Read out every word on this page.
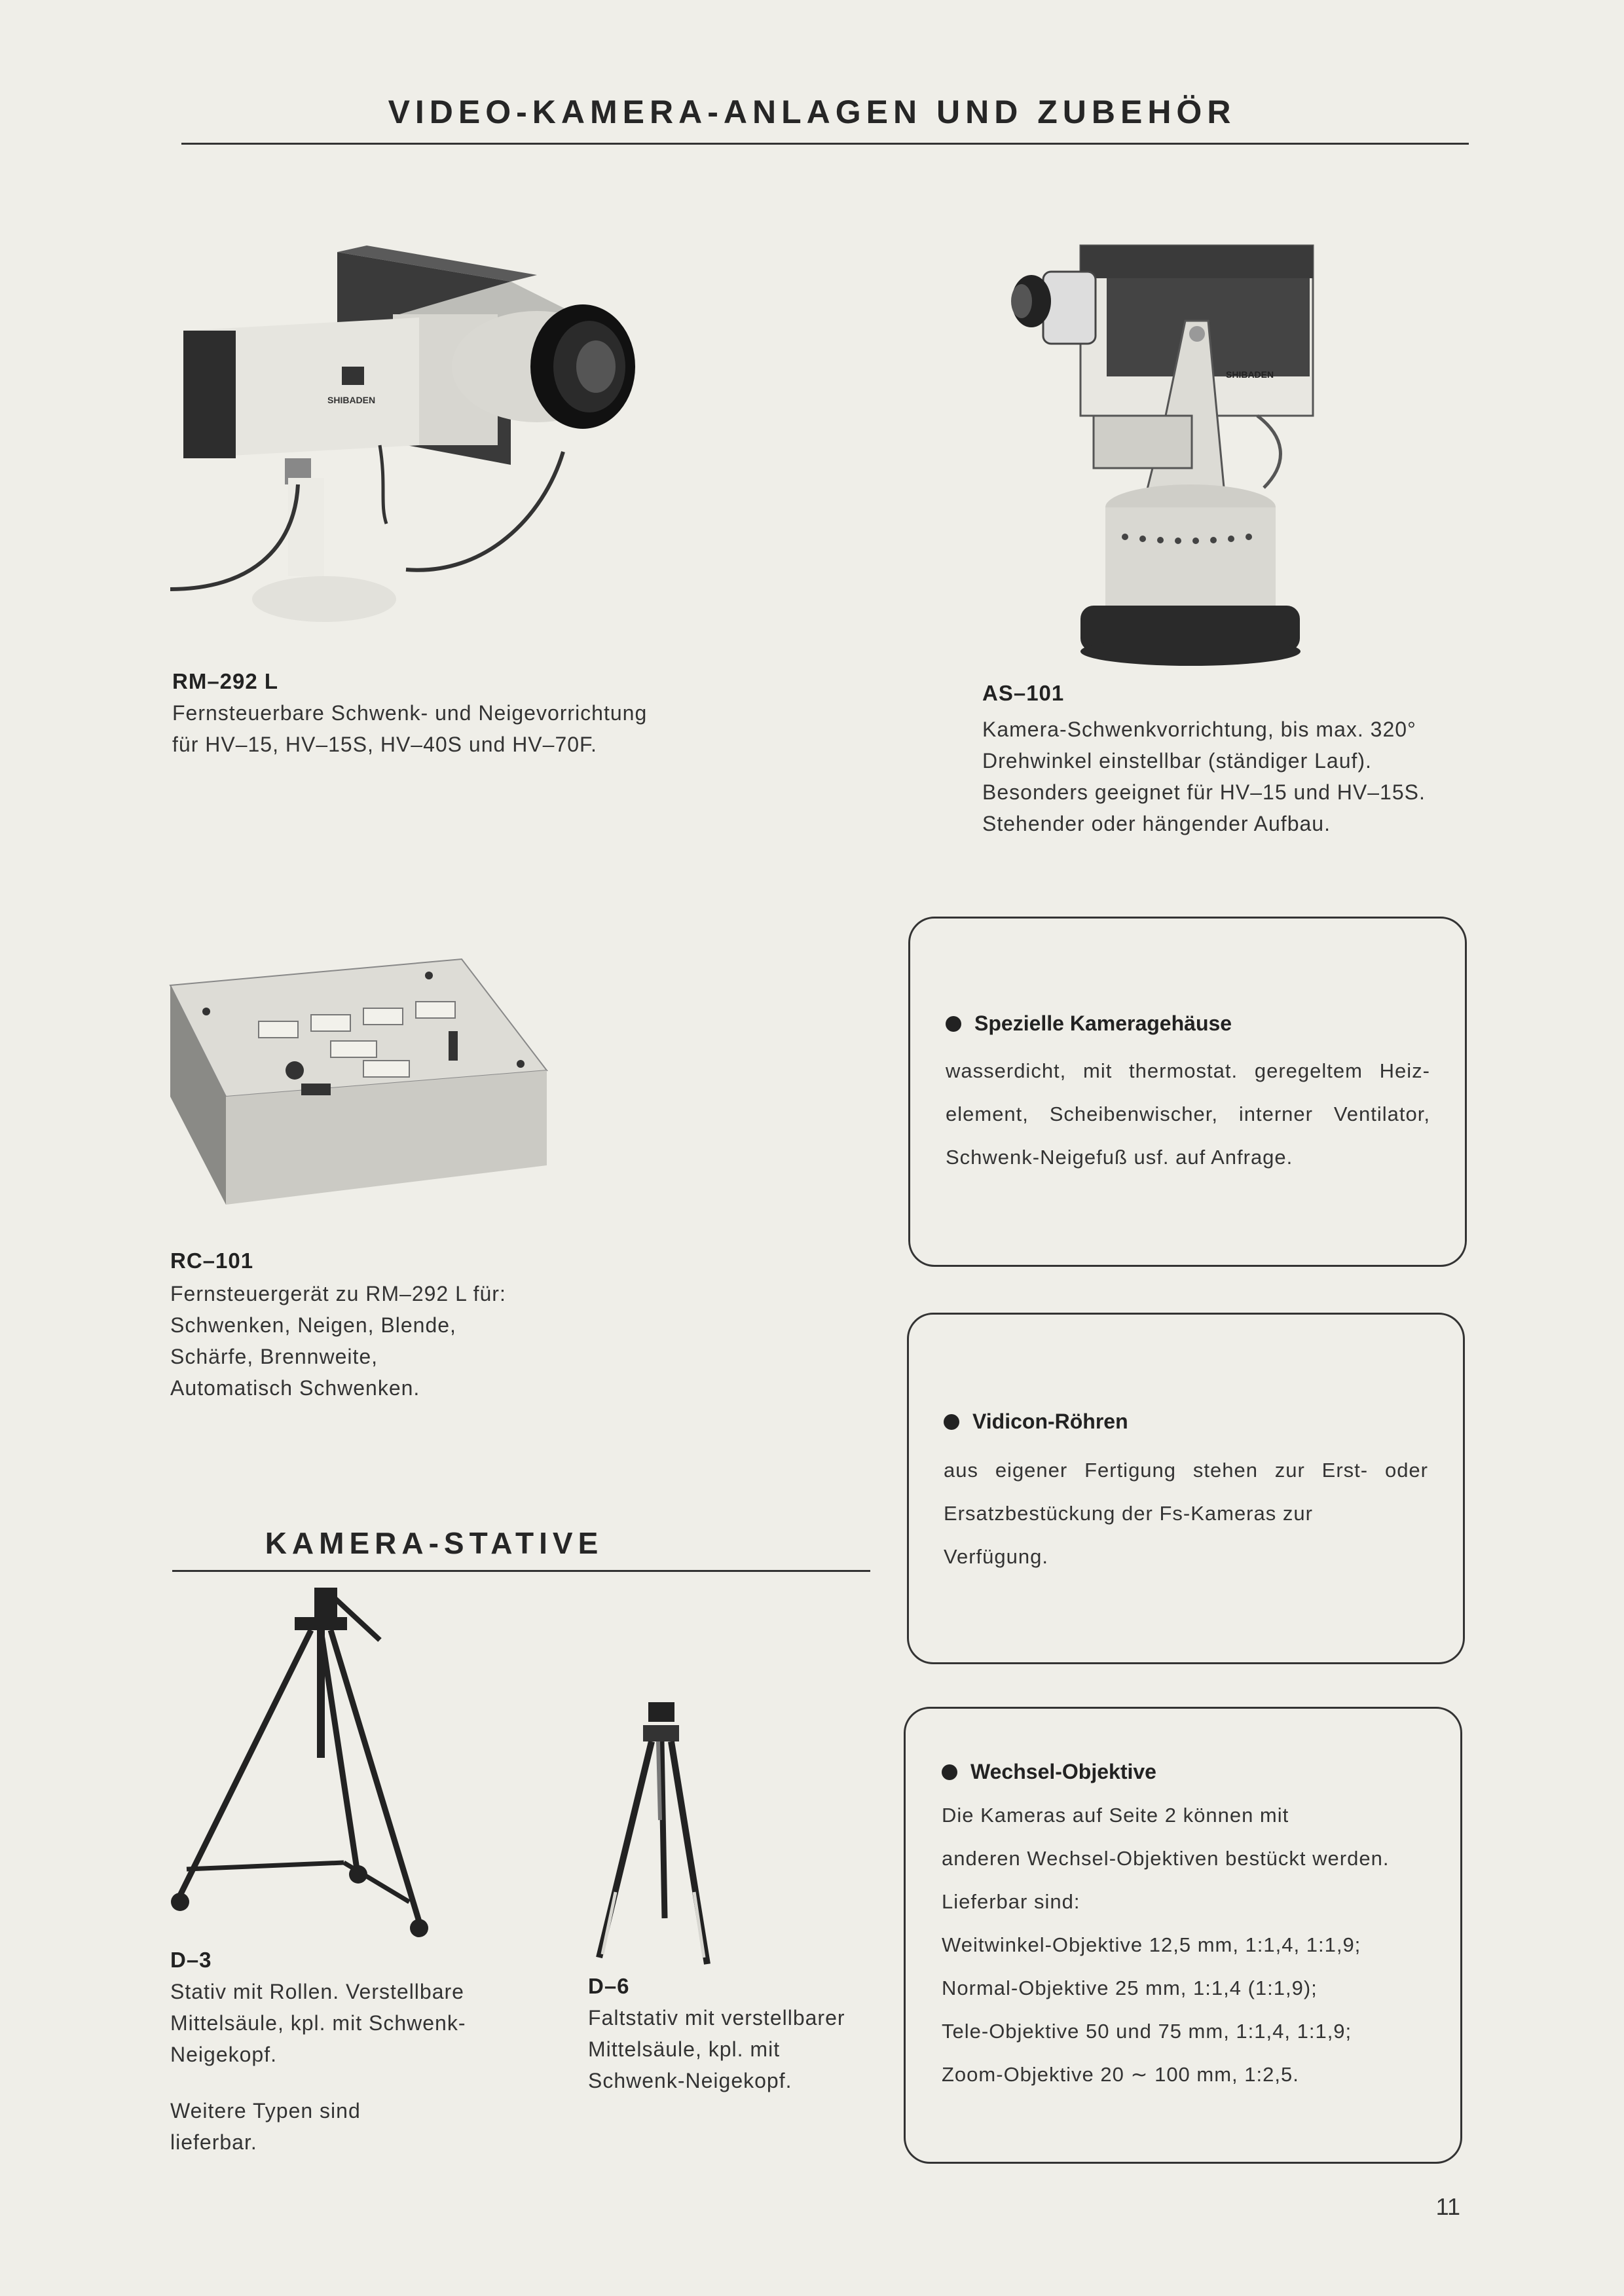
VIDEO-KAMERA-ANLAGEN UND ZUBEHÖR
SHIBADEN
RM–292 L
Fernsteuerbare Schwenk- und Neigevorrichtung
für HV–15, HV–15S, HV–40S und HV–70F.
SHIBADEN
AS–101
Kamera-Schwenkvorrichtung, bis max. 320°
Drehwinkel einstellbar (ständiger Lauf).
Besonders geeignet für HV–15 und HV–15S.
Stehender oder hängender Aufbau.
RC–101
Fernsteuergerät zu RM–292 L für:
Schwenken, Neigen, Blende,
Schärfe, Brennweite,
Automatisch Schwenken.
KAMERA-STATIVE
D–3
Stativ mit Rollen. Verstellbare
Mittelsäule, kpl. mit Schwenk-
Neigekopf.
Weitere Typen sind
lieferbar.
D–6
Faltstativ mit verstellbarer
Mittelsäule, kpl. mit
Schwenk-Neigekopf.
Spezielle Kameragehäuse
wasserdicht, mit thermostat. geregeltem Heiz-
element, Scheibenwischer, interner Ventilator,
Schwenk-Neigefuß usf. auf Anfrage.
Vidicon-Röhren
aus eigener Fertigung stehen zur Erst- oder
Ersatzbestückung der Fs-Kameras zur
Verfügung.
Wechsel-Objektive
Die Kameras auf Seite 2 können mit
anderen Wechsel-Objektiven bestückt werden.
Lieferbar sind:
Weitwinkel-Objektive 12,5 mm, 1:1,4, 1:1,9;
Normal-Objektive 25 mm, 1:1,4 (1:1,9);
Tele-Objektive 50 und 75 mm, 1:1,4, 1:1,9;
Zoom-Objektive 20 ∼ 100 mm, 1:2,5.
11
